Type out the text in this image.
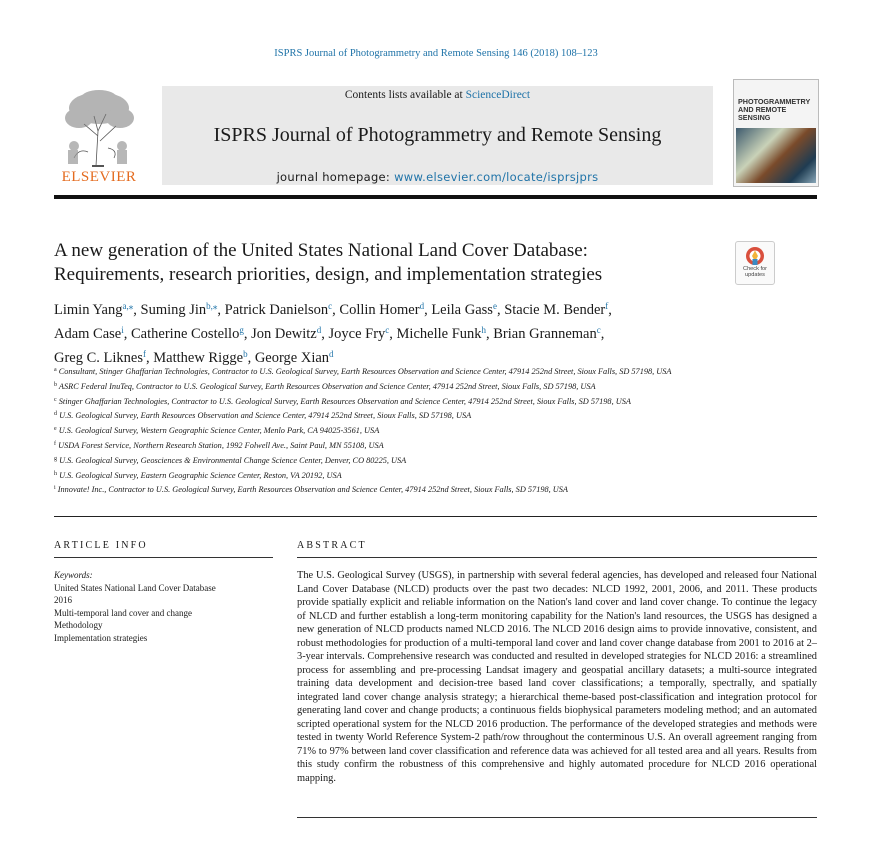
ISPRS Journal of Photogrammetry and Remote Sensing 146 (2018) 108–123
ELSEVIER
Contents lists available at ScienceDirect
ISPRS Journal of Photogrammetry and Remote Sensing
journal homepage: www.elsevier.com/locate/isprsjprs
PHOTOGRAMMETRY
AND REMOTE SENSING
A new generation of the United States National Land Cover Database:
Requirements, research priorities, design, and implementation strategies	Check for updates
Limin Yang$^{a,⁎}$, Suming Jin$^{b,⁎}$, Patrick Danielson$^c$, Collin Homer$^d$, Leila Gass$^e$, Stacie M. Bender$^f$,
Adam Case$^i$, Catherine Costello$^g$, Jon Dewitz$^d$, Joyce Fry$^c$, Michelle Funk$^h$, Brian Granneman$^c$,
Greg C. Liknes$^f$, Matthew Rigge$^b$, George Xian$^d$
$^a$ Consultant, Stinger Ghaffarian Technologies, Contractor to U.S. Geological Survey, Earth Resources Observation and Science Center, 47914 252nd Street, Sioux Falls, SD 57198, USA
$^b$ ASRC Federal InuTeq, Contractor to U.S. Geological Survey, Earth Resources Observation and Science Center, 47914 252nd Street, Sioux Falls, SD 57198, USA
$^c$ Stinger Ghaffarian Technologies, Contractor to U.S. Geological Survey, Earth Resources Observation and Science Center, 47914 252nd Street, Sioux Falls, SD 57198, USA
$^d$ U.S. Geological Survey, Earth Resources Observation and Science Center, 47914 252nd Street, Sioux Falls, SD 57198, USA
$^e$ U.S. Geological Survey, Western Geographic Science Center, Menlo Park, CA 94025-3561, USA
$^f$ USDA Forest Service, Northern Research Station, 1992 Folwell Ave., Saint Paul, MN 55108, USA
$^g$ U.S. Geological Survey, Geosciences & Environmental Change Science Center, Denver, CO 80225, USA
$^h$ U.S. Geological Survey, Eastern Geographic Science Center, Reston, VA 20192, USA
$^i$ Innovate! Inc., Contractor to U.S. Geological Survey, Earth Resources Observation and Science Center, 47914 252nd Street, Sioux Falls, SD 57198, USA
ARTICLE INFO
Keywords:
United States National Land Cover Database
2016
Multi-temporal land cover and change
Methodology
Implementation strategies
ABSTRACT
The U.S. Geological Survey (USGS), in partnership with several federal agencies, has developed and released four National Land Cover Database (NLCD) products over the past two decades: NLCD 1992, 2001, 2006, and 2011. These products provide spatially explicit and reliable information on the Nation's land cover and land cover change. To continue the legacy of NLCD and further establish a long-term monitoring capability for the Nation's land resources, the USGS has designed a new generation of NLCD products named NLCD 2016. The NLCD 2016 design aims to provide innovative, consistent, and robust methodologies for production of a multi-temporal land cover and land cover change database from 2001 to 2016 at 2–3-year intervals. Comprehensive research was conducted and resulted in developed strategies for NLCD 2016: a streamlined process for assembling and pre-processing Landsat imagery and geospatial ancillary datasets; a multi-source integrated training data development and decision-tree based land cover classifications; a temporally, spectrally, and spatially integrated land cover change analysis strategy; a hierarchical theme-based post-classification and integration protocol for generating land cover and change products; a continuous fields biophysical parameters modeling method; and an automated scripted operational system for the NLCD 2016 production. The performance of the developed strategies and methods were tested in twenty World Reference System-2 path/row throughout the conterminous U.S. An overall agreement ranging from 71% to 97% between land cover classification and reference data was achieved for all tested area and all years. Results from this study confirm the robustness of this comprehensive and highly automated procedure for NLCD 2016 operational mapping.
